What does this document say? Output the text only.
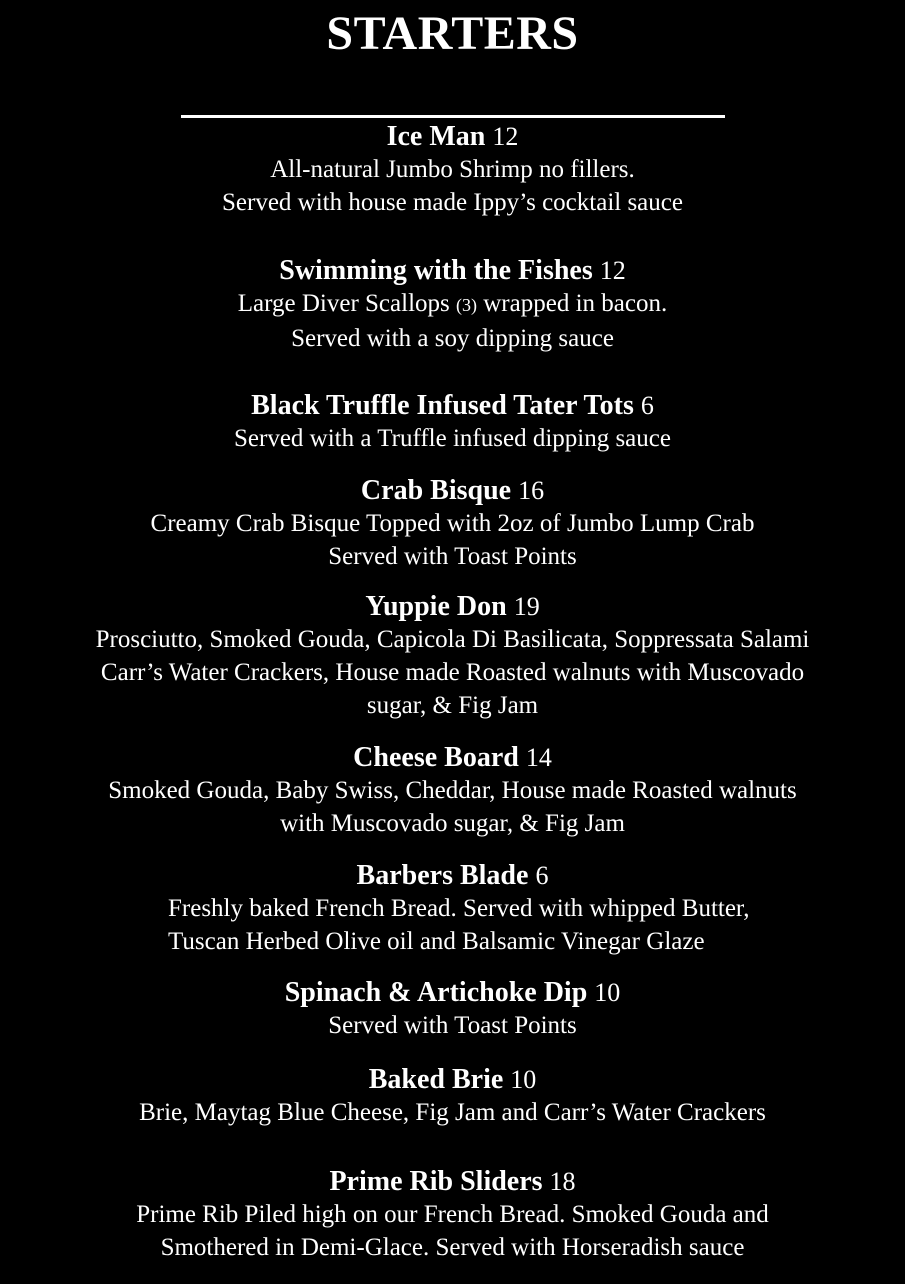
STARTERS
Ice Man 12
All-natural Jumbo Shrimp no fillers.
Served with house made Ippy’s cocktail sauce
Swimming with the Fishes 12
Large Diver Scallops (3) wrapped in bacon.
Served with a soy dipping sauce
Black Truffle Infused Tater Tots 6
Served with a Truffle infused dipping sauce
Crab Bisque 16
Creamy Crab Bisque Topped with 2oz of Jumbo Lump Crab
Served with Toast Points
Yuppie Don 19
Prosciutto, Smoked Gouda, Capicola Di Basilicata, Soppressata Salami
Carr’s Water Crackers, House made Roasted walnuts with Muscovado
sugar, & Fig Jam
Cheese Board 14
Smoked Gouda, Baby Swiss, Cheddar, House made Roasted walnuts
with Muscovado sugar, & Fig Jam
Barbers Blade 6
Freshly baked French Bread. Served with whipped Butter,
Tuscan Herbed Olive oil and Balsamic Vinegar Glaze
Spinach & Artichoke Dip 10
Served with Toast Points
Baked Brie 10
Brie, Maytag Blue Cheese, Fig Jam and Carr’s Water Crackers
Prime Rib Sliders 18
Prime Rib Piled high on our French Bread. Smoked Gouda and
Smothered in Demi-Glace. Served with Horseradish sauce
